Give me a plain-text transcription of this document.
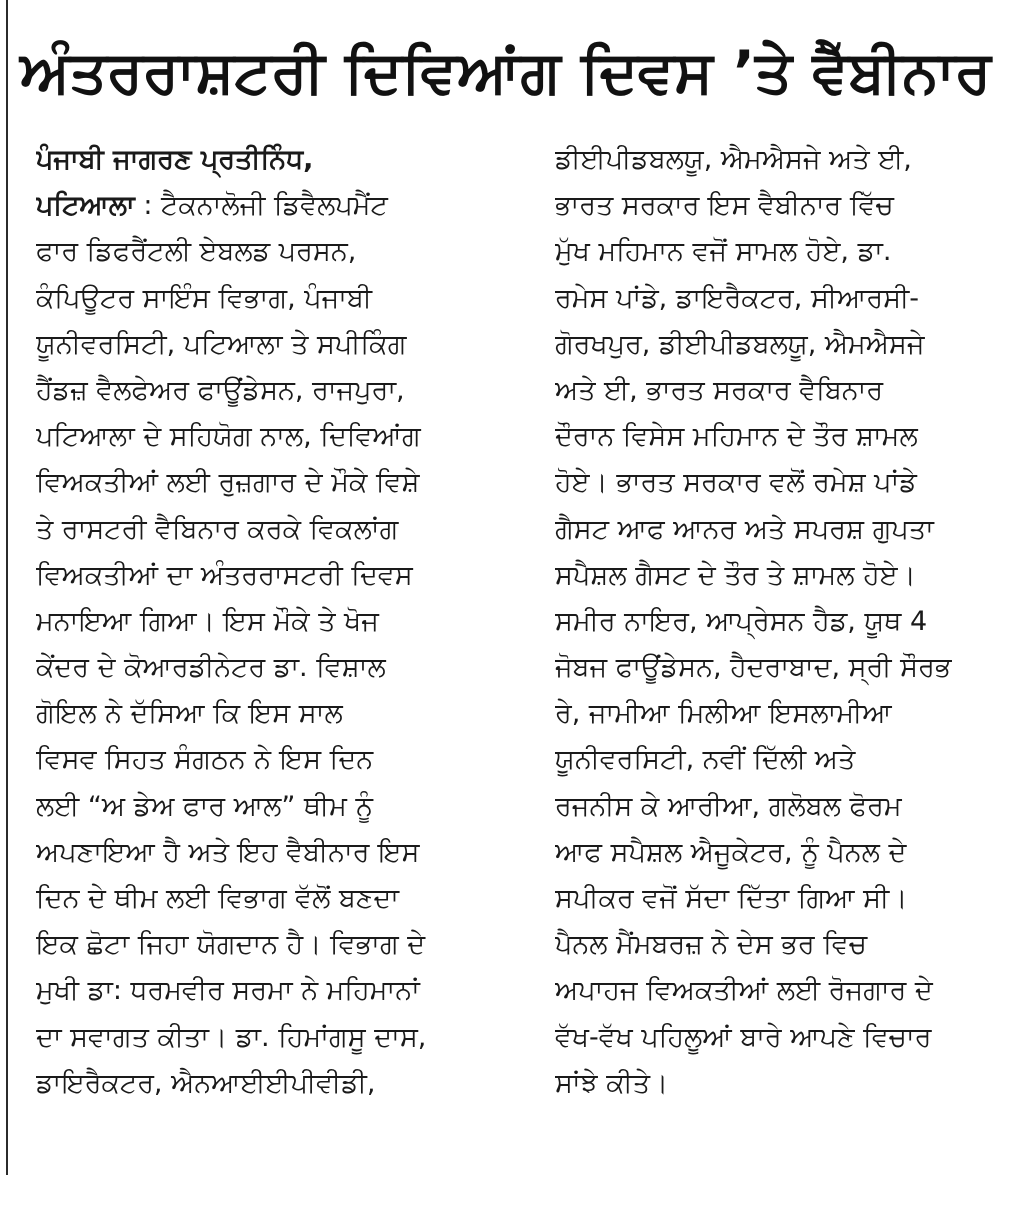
ਅੰਤਰਰਾਸ਼ਟਰੀ ਦਿਵਿਆਂਗ ਦਿਵਸ ’ਤੇ ਵੈੱਬੀਨਾਰ
ਪੰਜਾਬੀ ਜਾਗਰਣ ਪ੍ਰਤੀਨਿੰਧ,
ਪਟਿਆਲਾ : ਟੈਕਨਾਲੋਜੀ ਡਿਵੈਲਪਮੈਂਟ
ਫਾਰ ਡਿਫਰੈਂਟਲੀ ਏਬਲਡ ਪਰਸਨ,
ਕੰਪਿਊਟਰ ਸਾਇੰਸ ਵਿਭਾਗ, ਪੰਜਾਬੀ
ਯੂਨੀਵਰਸਿਟੀ, ਪਟਿਆਲਾ ਤੇ ਸਪੀਕਿੰਗ
ਹੈਂਡਜ਼ ਵੈਲਫੇਅਰ ਫਾਊਂਡੇਸਨ, ਰਾਜਪੁਰਾ,
ਪਟਿਆਲਾ ਦੇ ਸਹਿਯੋਗ ਨਾਲ, ਦਿਵਿਆਂਗ
ਵਿਅਕਤੀਆਂ ਲਈ ਰੁਜ਼ਗਾਰ ਦੇ ਮੌਕੇ ਵਿਸ਼ੇ
ਤੇ ਰਾਸਟਰੀ ਵੈਬਿਨਾਰ ਕਰਕੇ ਵਿਕਲਾਂਗ
ਵਿਅਕਤੀਆਂ ਦਾ ਅੰਤਰਰਾਸਟਰੀ ਦਿਵਸ
ਮਨਾਇਆ ਗਿਆ। ਇਸ ਮੌਕੇ ਤੇ ਖੋਜ
ਕੇਂਦਰ ਦੇ ਕੋਆਰਡੀਨੇਟਰ ਡਾ. ਵਿਸ਼ਾਲ
ਗੋਇਲ ਨੇ ਦੱਸਿਆ ਕਿ ਇਸ ਸਾਲ
ਵਿਸਵ ਸਿਹਤ ਸੰਗਠਨ ਨੇ ਇਸ ਦਿਨ
ਲਈ “ਅ ਡੇਅ ਫਾਰ ਆਲ” ਥੀਮ ਨੂੰ
ਅਪਣਾਇਆ ਹੈ ਅਤੇ ਇਹ ਵੈਬੀਨਾਰ ਇਸ
ਦਿਨ ਦੇ ਥੀਮ ਲਈ ਵਿਭਾਗ ਵੱਲੋਂ ਬਣਦਾ
ਇਕ ਛੋਟਾ ਜਿਹਾ ਯੋਗਦਾਨ ਹੈ। ਵਿਭਾਗ ਦੇ
ਮੁਖੀ ਡਾ: ਧਰਮਵੀਰ ਸਰਮਾ ਨੇ ਮਹਿਮਾਨਾਂ
ਦਾ ਸਵਾਗਤ ਕੀਤਾ। ਡਾ. ਹਿਮਾਂਗਸੂ ਦਾਸ,
ਡਾਇਰੈਕਟਰ, ਐਨਆਈਈਪੀਵੀਡੀ,
ਡੀਈਪੀਡਬਲਯੂ, ਐਮਐਸਜੇ ਅਤੇ ਈ,
ਭਾਰਤ ਸਰਕਾਰ ਇਸ ਵੈਬੀਨਾਰ ਵਿੱਚ
ਮੁੱਖ ਮਹਿਮਾਨ ਵਜੋਂ ਸਾਮਲ ਹੋਏ, ਡਾ.
ਰਮੇਸ ਪਾਂਡੇ, ਡਾਇਰੈਕਟਰ, ਸੀਆਰਸੀ-
ਗੋਰਖਪੁਰ, ਡੀਈਪੀਡਬਲਯੂ, ਐਮਐਸਜੇ
ਅਤੇ ਈ, ਭਾਰਤ ਸਰਕਾਰ ਵੈਬਿਨਾਰ
ਦੌਰਾਨ ਵਿਸੇਸ ਮਹਿਮਾਨ ਦੇ ਤੌਰ ਸ਼ਾਮਲ
ਹੋਏ। ਭਾਰਤ ਸਰਕਾਰ ਵਲੋਂ ਰਮੇਸ਼ ਪਾਂਡੇ
ਗੈਸਟ ਆਫ ਆਨਰ ਅਤੇ ਸਪਰਸ਼ ਗੁਪਤਾ
ਸਪੈਸ਼ਲ ਗੈਸਟ ਦੇ ਤੌਰ ਤੇ ਸ਼ਾਮਲ ਹੋਏ।
ਸਮੀਰ ਨਾਇਰ, ਆਪ੍ਰੇਸਨ ਹੈਡ, ਯੂਥ 4
ਜੋਬਜ ਫਾਊਂਡੇਸਨ, ਹੈਦਰਾਬਾਦ, ਸ੍ਰੀ ਸੌਰਭ
ਰੇ, ਜਾਮੀਆ ਮਿਲੀਆ ਇਸਲਾਮੀਆ
ਯੂਨੀਵਰਸਿਟੀ, ਨਵੀਂ ਦਿੱਲੀ ਅਤੇ
ਰਜਨੀਸ ਕੇ ਆਰੀਆ, ਗਲੋਬਲ ਫੋਰਮ
ਆਫ ਸਪੈਸ਼ਲ ਐਜੂਕੇਟਰ, ਨੂੰ ਪੈਨਲ ਦੇ
ਸਪੀਕਰ ਵਜੋਂ ਸੱਦਾ ਦਿੱਤਾ ਗਿਆ ਸੀ।
ਪੈਨਲ ਮੈਂਮਬਰਜ਼ ਨੇ ਦੇਸ ਭਰ ਵਿਚ
ਅਪਾਹਜ ਵਿਅਕਤੀਆਂ ਲਈ ਰੋਜਗਾਰ ਦੇ
ਵੱਖ-ਵੱਖ ਪਹਿਲੂਆਂ ਬਾਰੇ ਆਪਣੇ ਵਿਚਾਰ
ਸਾਂਝੇ ਕੀਤੇ।
